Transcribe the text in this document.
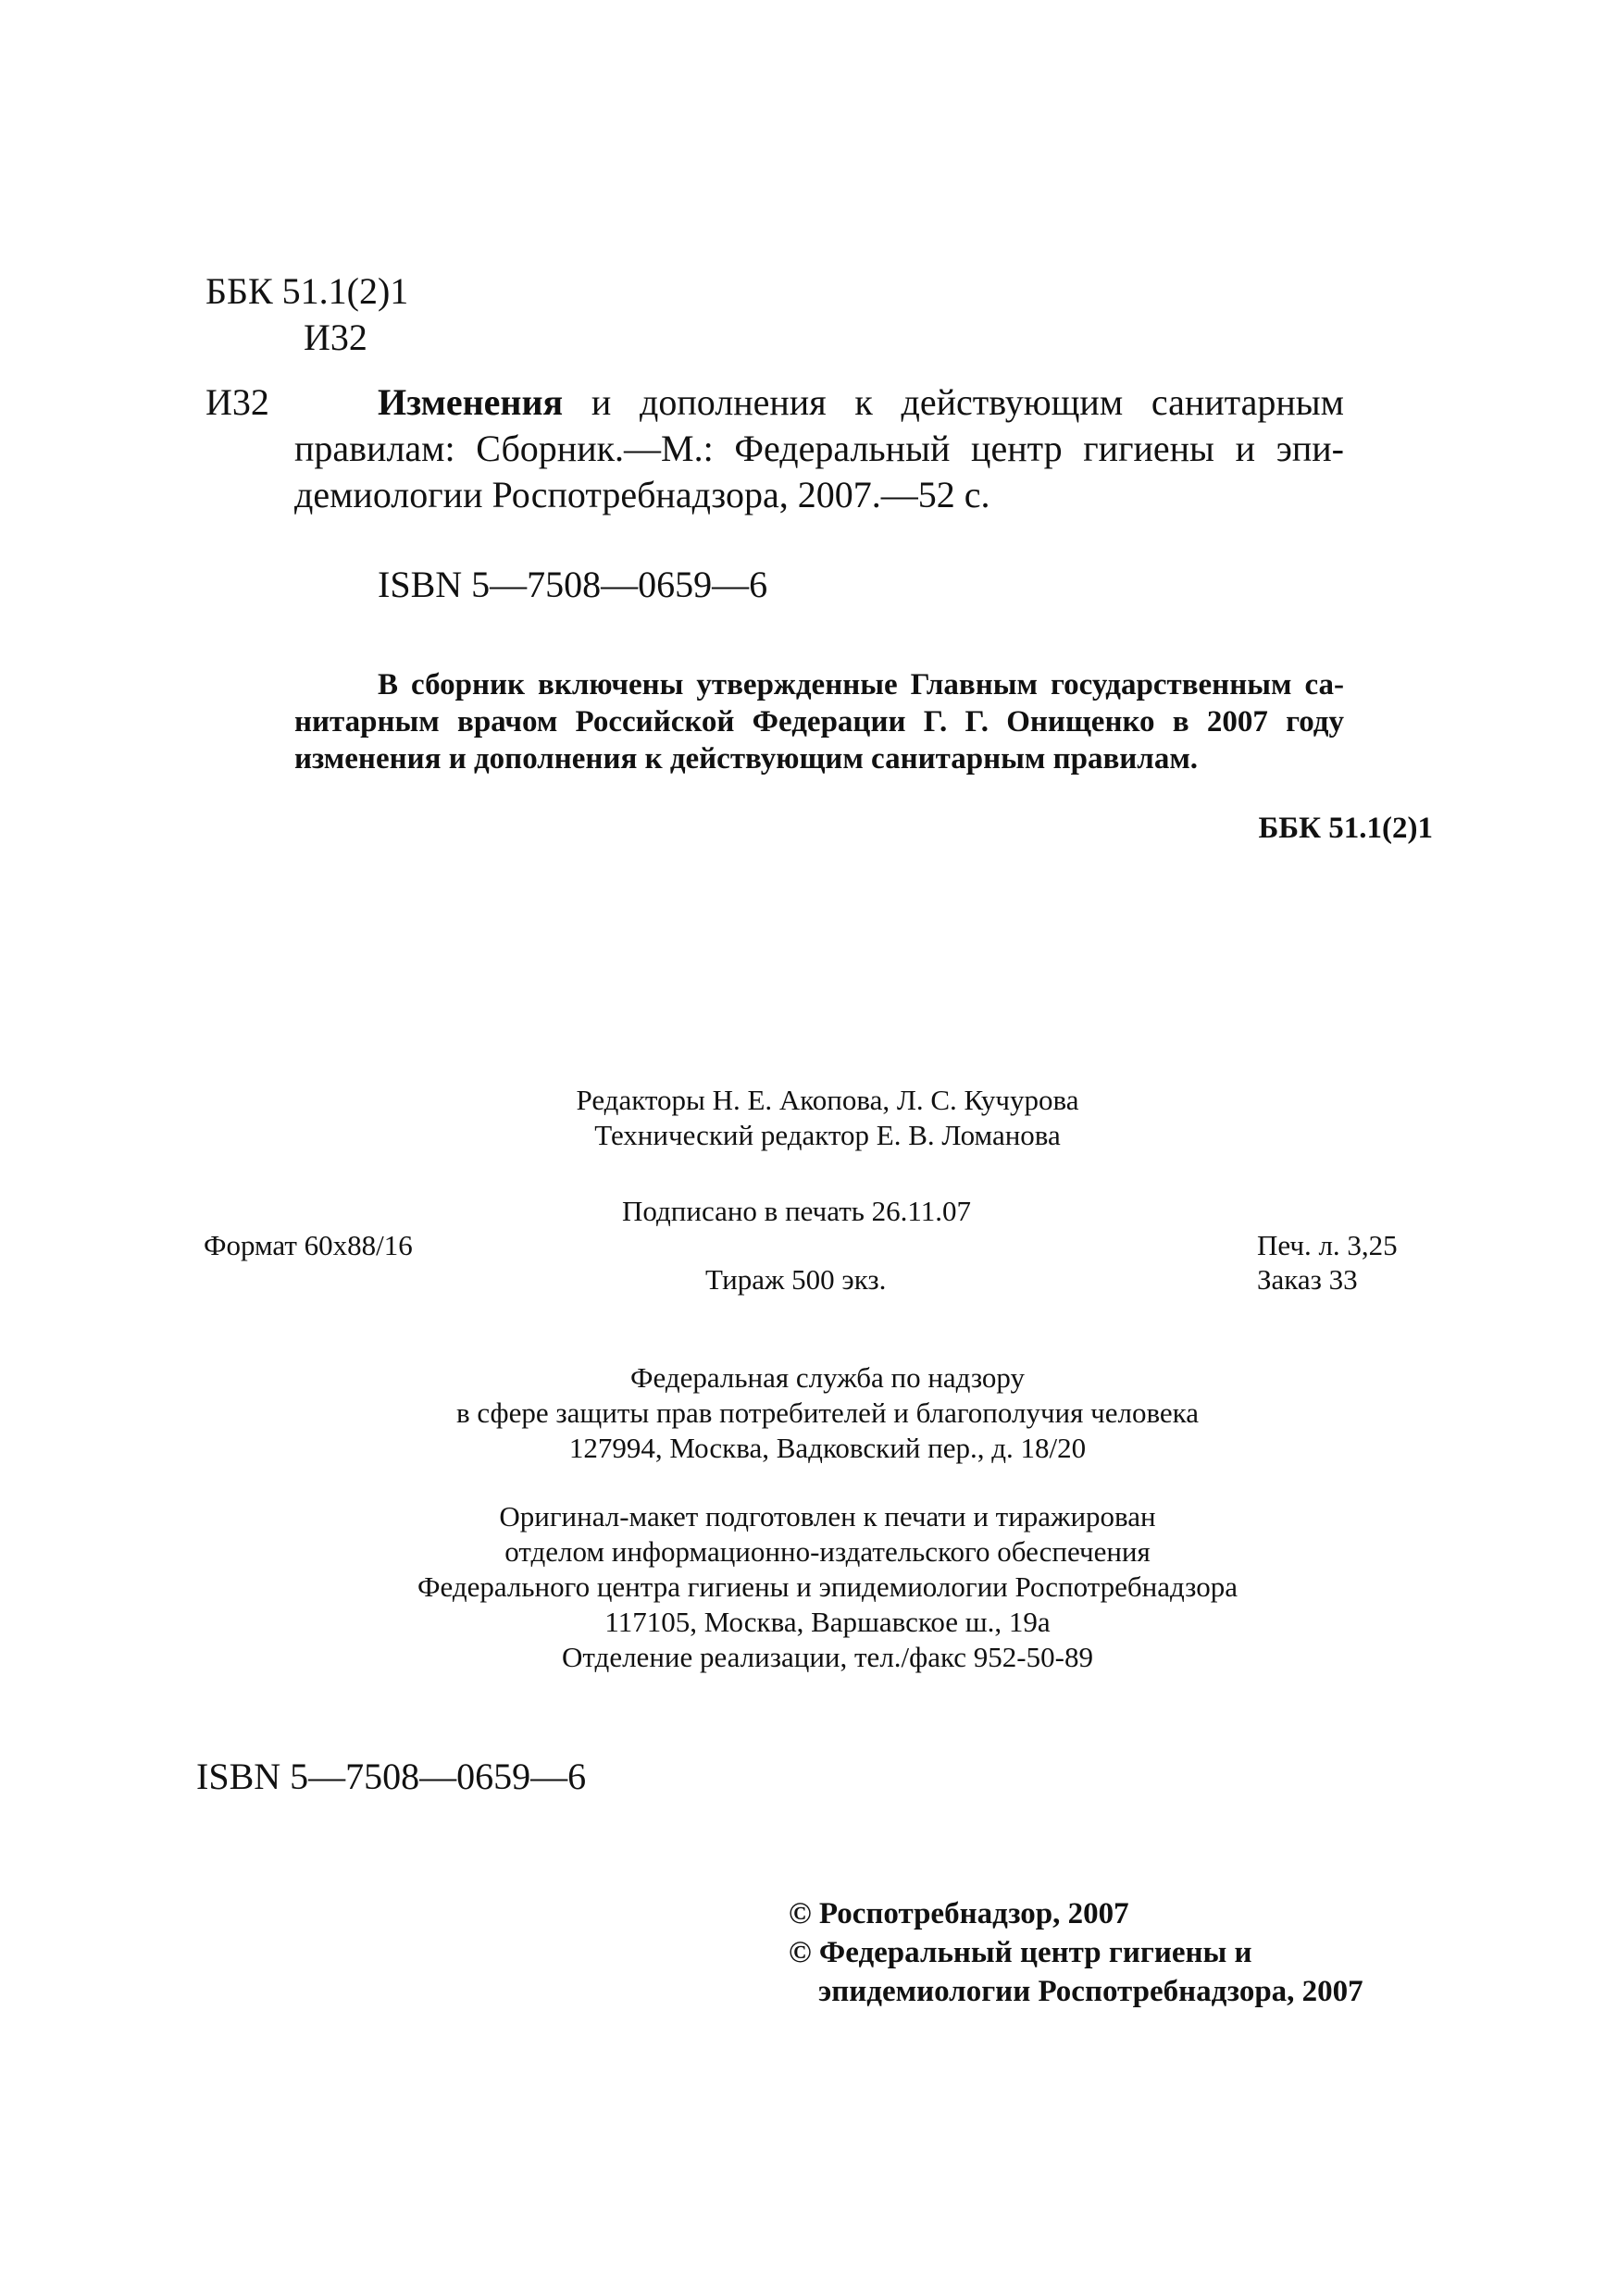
ББК 51.1(2)1
И32
И32	Изменения и дополнения к действующим санитарным
правилам: Сборник.—М.: Федеральный центр гигиены и эпи-
демиологии Роспотребнадзора, 2007.—52 с.
ISBN 5—7508—0659—6
В сборник включены утвержденные Главным государственным са-
нитарным врачом Российской Федерации Г. Г. Онищенко в 2007 году
изменения и дополнения к действующим санитарным правилам.
ББК 51.1(2)1
Редакторы Н. Е. Акопова, Л. С. Кучурова
Технический редактор Е. В. Ломанова
Подписано в печать 26.11.07
Формат 60x88/16	Печ. л. 3,25
Тираж 500 экз.	Заказ 33
Федеральная служба по надзору
в сфере защиты прав потребителей и благополучия человека
127994, Москва, Вадковский пер., д. 18/20
Оригинал-макет подготовлен к печати и тиражирован
отделом информационно-издательского обеспечения
Федерального центра гигиены и эпидемиологии Роспотребнадзора
117105, Москва, Варшавское ш., 19а
Отделение реализации, тел./факс 952-50-89
ISBN 5—7508—0659—6
© Роспотребнадзор, 2007
© Федеральный центр гигиены и
эпидемиологии Роспотребнадзора, 2007
